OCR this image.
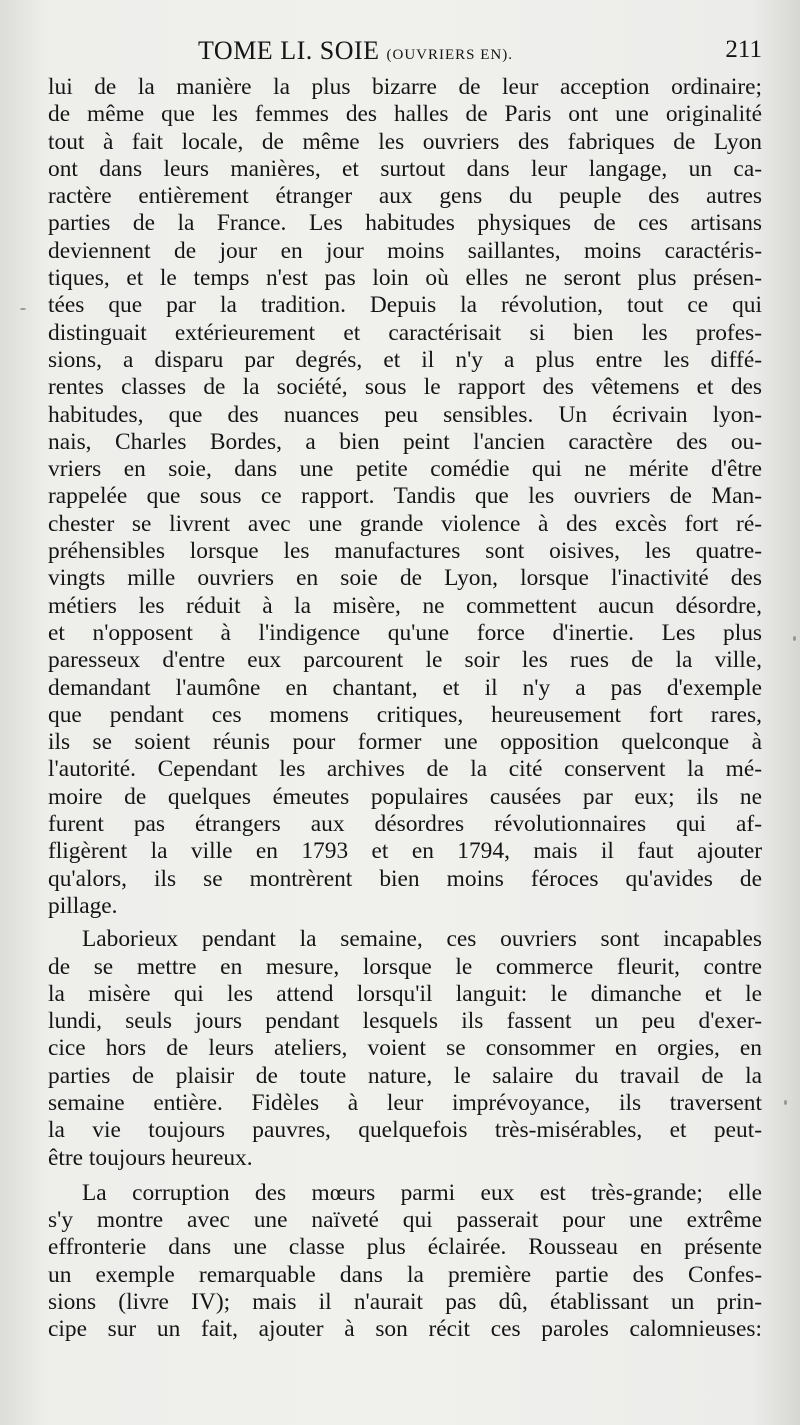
TOME LI. SOIE (OUVRIERS EN).	211
lui de la manière la plus bizarre de leur acception ordinaire;
de même que les femmes des halles de Paris ont une originalité
tout à fait locale, de même les ouvriers des fabriques de Lyon
ont dans leurs manières, et surtout dans leur langage, un ca-
ractère entièrement étranger aux gens du peuple des autres
parties de la France. Les habitudes physiques de ces artisans
deviennent de jour en jour moins saillantes, moins caractéris-
tiques, et le temps n'est pas loin où elles ne seront plus présen-
tées que par la tradition. Depuis la révolution, tout ce qui
distinguait extérieurement et caractérisait si bien les profes-
sions, a disparu par degrés, et il n'y a plus entre les diffé-
rentes classes de la société, sous le rapport des vêtemens et des
habitudes, que des nuances peu sensibles. Un écrivain lyon-
nais, Charles Bordes, a bien peint l'ancien caractère des ou-
vriers en soie, dans une petite comédie qui ne mérite d'être
rappelée que sous ce rapport. Tandis que les ouvriers de Man-
chester se livrent avec une grande violence à des excès fort ré-
préhensibles lorsque les manufactures sont oisives, les quatre-
vingts mille ouvriers en soie de Lyon, lorsque l'inactivité des
métiers les réduit à la misère, ne commettent aucun désordre,
et n'opposent à l'indigence qu'une force d'inertie. Les plus
paresseux d'entre eux parcourent le soir les rues de la ville,
demandant l'aumône en chantant, et il n'y a pas d'exemple
que pendant ces momens critiques, heureusement fort rares,
ils se soient réunis pour former une opposition quelconque à
l'autorité. Cependant les archives de la cité conservent la mé-
moire de quelques émeutes populaires causées par eux; ils ne
furent pas étrangers aux désordres révolutionnaires qui af-
fligèrent la ville en 1793 et en 1794, mais il faut ajouter
qu'alors, ils se montrèrent bien moins féroces qu'avides de
pillage.
Laborieux pendant la semaine, ces ouvriers sont incapables
de se mettre en mesure, lorsque le commerce fleurit, contre
la misère qui les attend lorsqu'il languit: le dimanche et le
lundi, seuls jours pendant lesquels ils fassent un peu d'exer-
cice hors de leurs ateliers, voient se consommer en orgies, en
parties de plaisir de toute nature, le salaire du travail de la
semaine entière. Fidèles à leur imprévoyance, ils traversent
la vie toujours pauvres, quelquefois très-misérables, et peut-
être toujours heureux.
La corruption des mœurs parmi eux est très-grande; elle
s'y montre avec une naïveté qui passerait pour une extrême
effronterie dans une classe plus éclairée. Rousseau en présente
un exemple remarquable dans la première partie des Confes-
sions (livre IV); mais il n'aurait pas dû, établissant un prin-
cipe sur un fait, ajouter à son récit ces paroles calomnieuses:
